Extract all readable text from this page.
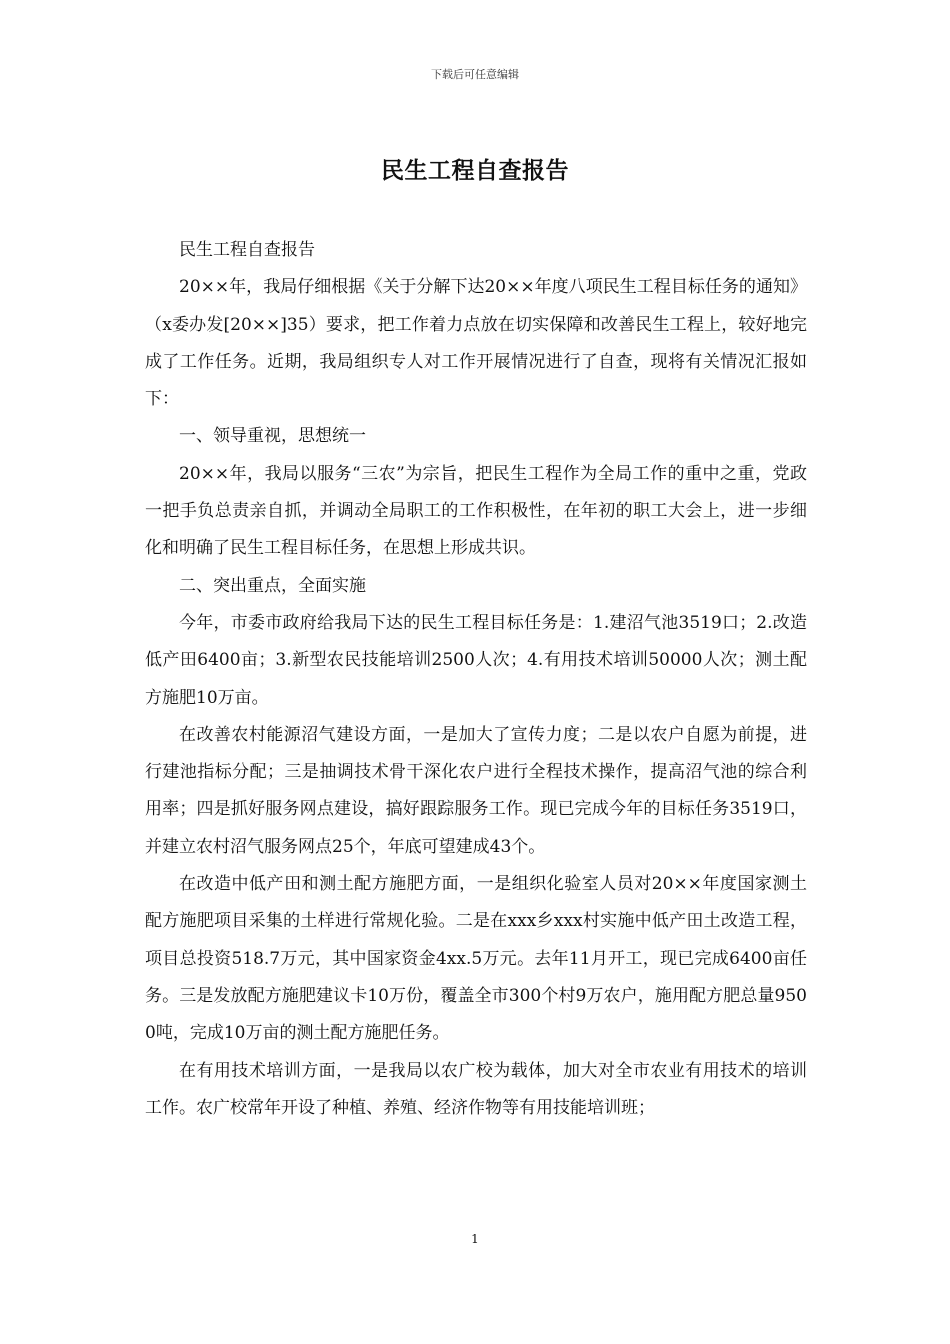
下载后可任意编辑
民生工程自查报告

民生工程自查报告

20××年，我局仔细根据《关于分解下达20××年度八项民生工程目标任务的通知》（x委办发[20××]35）要求，把工作着力点放在切实保障和改善民生工程上，较好地完成了工作任务。近期，我局组织专人对工作开展情况进行了自查，现将有关情况汇报如下：

一、领导重视，思想统一

20××年，我局以服务“三农”为宗旨，把民生工程作为全局工作的重中之重，党政一把手负总责亲自抓，并调动全局职工的工作积极性，在年初的职工大会上，进一步细化和明确了民生工程目标任务，在思想上形成共识。

二、突出重点，全面实施

今年，市委市政府给我局下达的民生工程目标任务是：1.建沼气池3519口；2.改造低产田6400亩；3.新型农民技能培训2500人次；4.有用技术培训50000人次；测土配方施肥10万亩。

在改善农村能源沼气建设方面，一是加大了宣传力度；二是以农户自愿为前提，进行建池指标分配；三是抽调技术骨干深化农户进行全程技术操作，提高沼气池的综合利用率；四是抓好服务网点建设，搞好跟踪服务工作。现已完成今年的目标任务3519口，并建立农村沼气服务网点25个，年底可望建成43个。

在改造中低产田和测土配方施肥方面，一是组织化验室人员对20××年度国家测土配方施肥项目采集的土样进行常规化验。二是在xxx乡xxx村实施中低产田土改造工程，项目总投资518.7万元，其中国家资金4xx.5万元。去年11月开工，现已完成6400亩任务。三是发放配方施肥建议卡10万份，覆盖全市300个村9万农户，施用配方肥总量9500吨，完成10万亩的测土配方施肥任务。

在有用技术培训方面，一是我局以农广校为载体，加大对全市农业有用技术的培训工作。农广校常年开设了种植、养殖、经济作物等有用技能培训班；

1
